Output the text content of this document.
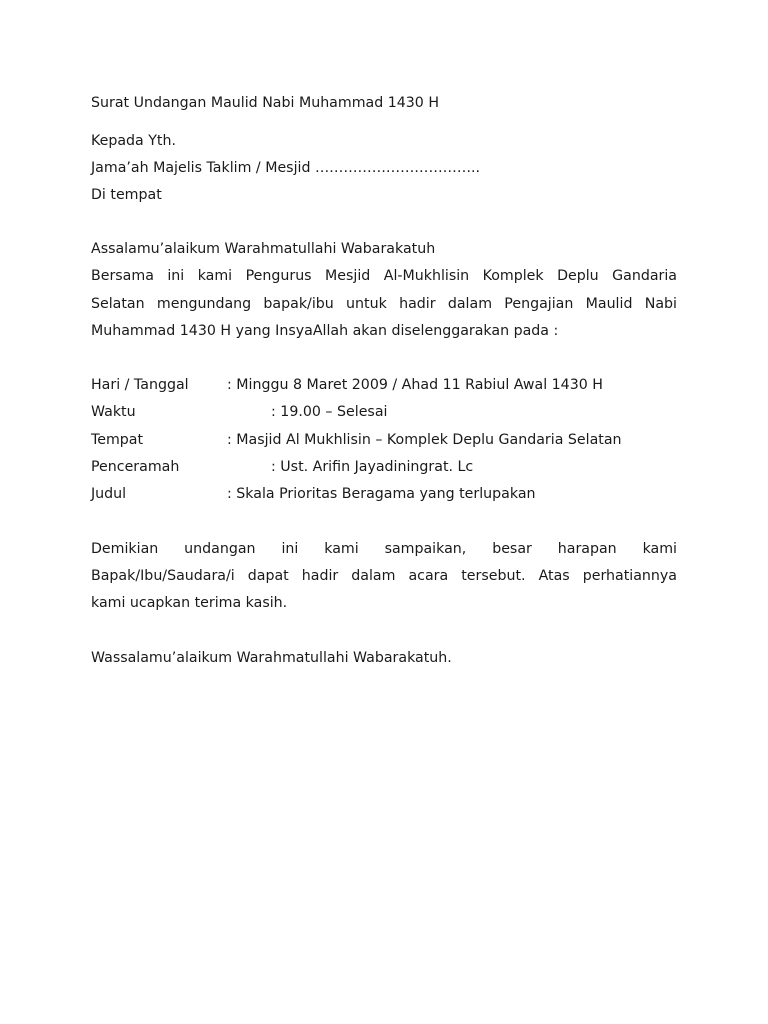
Surat Undangan Maulid Nabi Muhammad 1430 H
Kepada Yth.
Jama’ah Majelis Taklim / Mesjid ……………………………..
Di tempat
Assalamu’alaikum Warahmatullahi Wabarakatuh
Bersama ini kami Pengurus Mesjid Al-Mukhlisin Komplek Deplu Gandaria
Selatan mengundang bapak/ibu untuk hadir dalam Pengajian Maulid Nabi
Muhammad 1430 H yang InsyaAllah akan diselenggarakan pada :
Hari / Tanggal	: Minggu 8 Maret 2009 / Ahad 11 Rabiul Awal 1430 H
Waktu	: 19.00 – Selesai
Tempat	: Masjid Al Mukhlisin – Komplek Deplu Gandaria Selatan
Penceramah	: Ust. Arifin Jayadiningrat. Lc
Judul	: Skala Prioritas Beragama yang terlupakan
Demikian undangan ini kami sampaikan, besar harapan kami
Bapak/Ibu/Saudara/i dapat hadir dalam acara tersebut. Atas perhatiannya
kami ucapkan terima kasih.
Wassalamu’alaikum Warahmatullahi Wabarakatuh.
